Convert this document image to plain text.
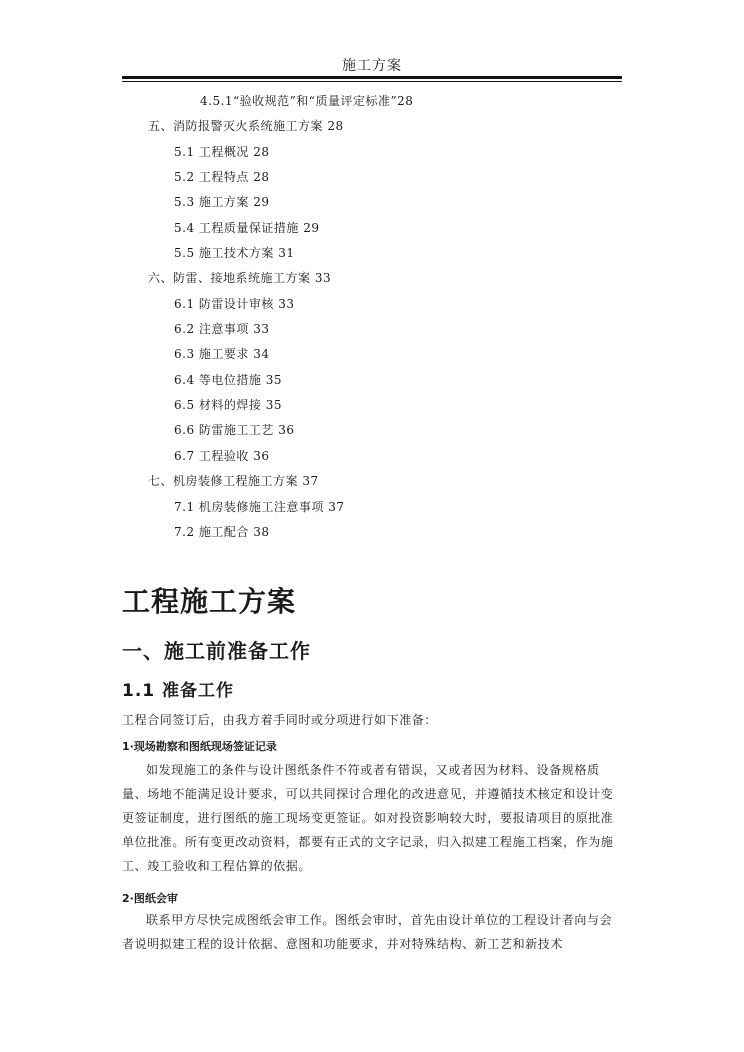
施工方案
4.5.1“验收规范”和“质量评定标准”28
五、消防报警灭火系统施工方案 28
5.1 工程概况 28
5.2 工程特点 28
5.3 施工方案 29
5.4 工程质量保证措施 29
5.5 施工技术方案 31
六、防雷、接地系统施工方案 33
6.1 防雷设计审核 33
6.2 注意事项 33
6.3 施工要求 34
6.4 等电位措施 35
6.5 材料的焊接 35
6.6 防雷施工工艺 36
6.7 工程验收 36
七、机房装修工程施工方案 37
7.1 机房装修施工注意事项 37
7.2 施工配合 38
工程施工方案
一、施工前准备工作
1.1 准备工作
工程合同签订后，由我方着手同时或分项进行如下准备：
1·现场勘察和图纸现场签证记录
如发现施工的条件与设计图纸条件不符或者有错误，又或者因为材料、设备规格质量、场地不能满足设计要求，可以共同探讨合理化的改进意见，并遵循技术核定和设计变更签证制度，进行图纸的施工现场变更签证。如对投资影响较大时，要报请项目的原批准单位批准。所有变更改动资料，都要有正式的文字记录，归入拟建工程施工档案，作为施工、竣工验收和工程估算的依据。
2·图纸会审
联系甲方尽快完成图纸会审工作。图纸会审时，首先由设计单位的工程设计者向与会者说明拟建工程的设计依据、意图和功能要求，并对特殊结构、新工艺和新技术
